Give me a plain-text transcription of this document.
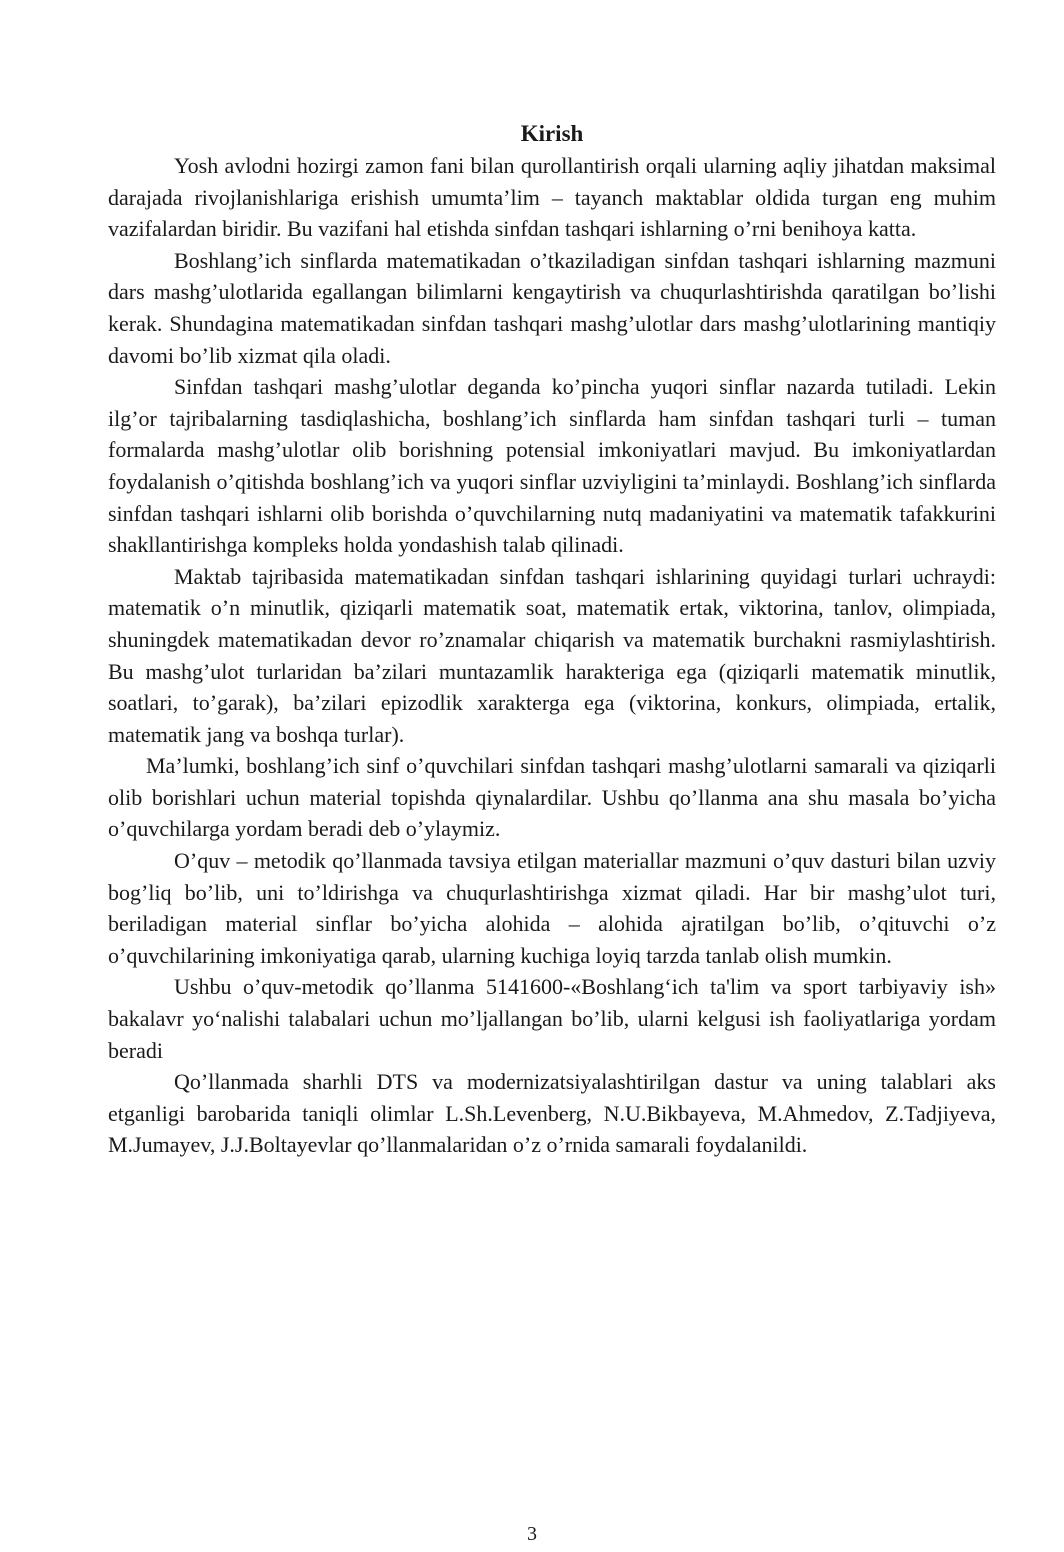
Kirish

Yosh avlodni hozirgi zamon fani bilan qurollantirish orqali ularning aqliy jihatdan maksimal darajada rivojlanishlariga erishish umumta’lim – tayanch maktablar oldida turgan eng muhim vazifalardan biridir. Bu vazifani hal etishda sinfdan tashqari ishlarning o’rni benihoya katta.

Boshlang’ich sinflarda matematikadan o’tkaziladigan sinfdan tashqari ishlarning mazmuni dars mashg’ulotlarida egallangan bilimlarni kengaytirish va chuqurlashtirishda qaratilgan bo’lishi kerak. Shundagina matematikadan sinfdan tashqari mashg’ulotlar dars mashg’ulotlarining mantiqiy davomi bo’lib xizmat qila oladi.

Sinfdan tashqari mashg’ulotlar deganda ko’pincha yuqori sinflar nazarda tutiladi. Lekin ilg’or tajribalarning tasdiqlashicha, boshlang’ich sinflarda ham sinfdan tashqari turli – tuman formalarda mashg’ulotlar olib borishning potensial imkoniyatlari mavjud. Bu imkoniyatlardan foydalanish o’qitishda boshlang’ich va yuqori sinflar uzviyligini ta’minlaydi. Boshlang’ich sinflarda sinfdan tashqari ishlarni olib borishda o’quvchilarning nutq madaniyatini va matematik tafakkurini shakllantirishga kompleks holda yondashish talab qilinadi.

Maktab tajribasida matematikadan sinfdan tashqari ishlarining quyidagi turlari uchraydi: matematik o’n minutlik, qiziqarli matematik soat, matematik ertak, viktorina, tanlov, olimpiada, shuningdek matematikadan devor ro’znamalar chiqarish va matematik burchakni rasmiylashtirish. Bu mashg’ulot turlaridan ba’zilari muntazamlik harakteriga ega (qiziqarli matematik minutlik, soatlari, to’garak), ba’zilari epizodlik xarakterga ega (viktorina, konkurs, olimpiada, ertalik, matematik jang va boshqa turlar).

Ma’lumki, boshlang’ich sinf o’quvchilari sinfdan tashqari mashg’ulotlarni samarali va qiziqarli olib borishlari uchun material topishda qiynalardilar. Ushbu qo’llanma ana shu masala bo’yicha o’quvchilarga yordam beradi deb o’ylaymiz.

O’quv – metodik qo’llanmada tavsiya etilgan materiallar mazmuni o’quv dasturi bilan uzviy bog’liq bo’lib, uni to’ldirishga va chuqurlashtirishga xizmat qiladi. Har bir mashg’ulot turi, beriladigan material sinflar bo’yicha alohida – alohida ajratilgan bo’lib, o’qituvchi o’z o’quvchilarining imkoniyatiga qarab, ularning kuchiga loyiq tarzda tanlab olish mumkin.

Ushbu o’quv-metodik qo’llanma 5141600-«Boshlang‘ich ta'lim va sport tarbiyaviy ish» bakalavr yo‘nalishi talabalari uchun mo’ljallangan bo’lib, ularni kelgusi ish faoliyatlariga yordam beradi

Qo’llanmada sharhli DTS va modernizatsiyalashtirilgan dastur va uning talablari aks etganligi barobarida taniqli olimlar L.Sh.Levenberg, N.U.Bikbayeva, M.Ahmedov, Z.Tadjiyeva, M.Jumayev, J.J.Boltayevlar qo’llanmalaridan o’z o’rnida samarali foydalanildi.

3
